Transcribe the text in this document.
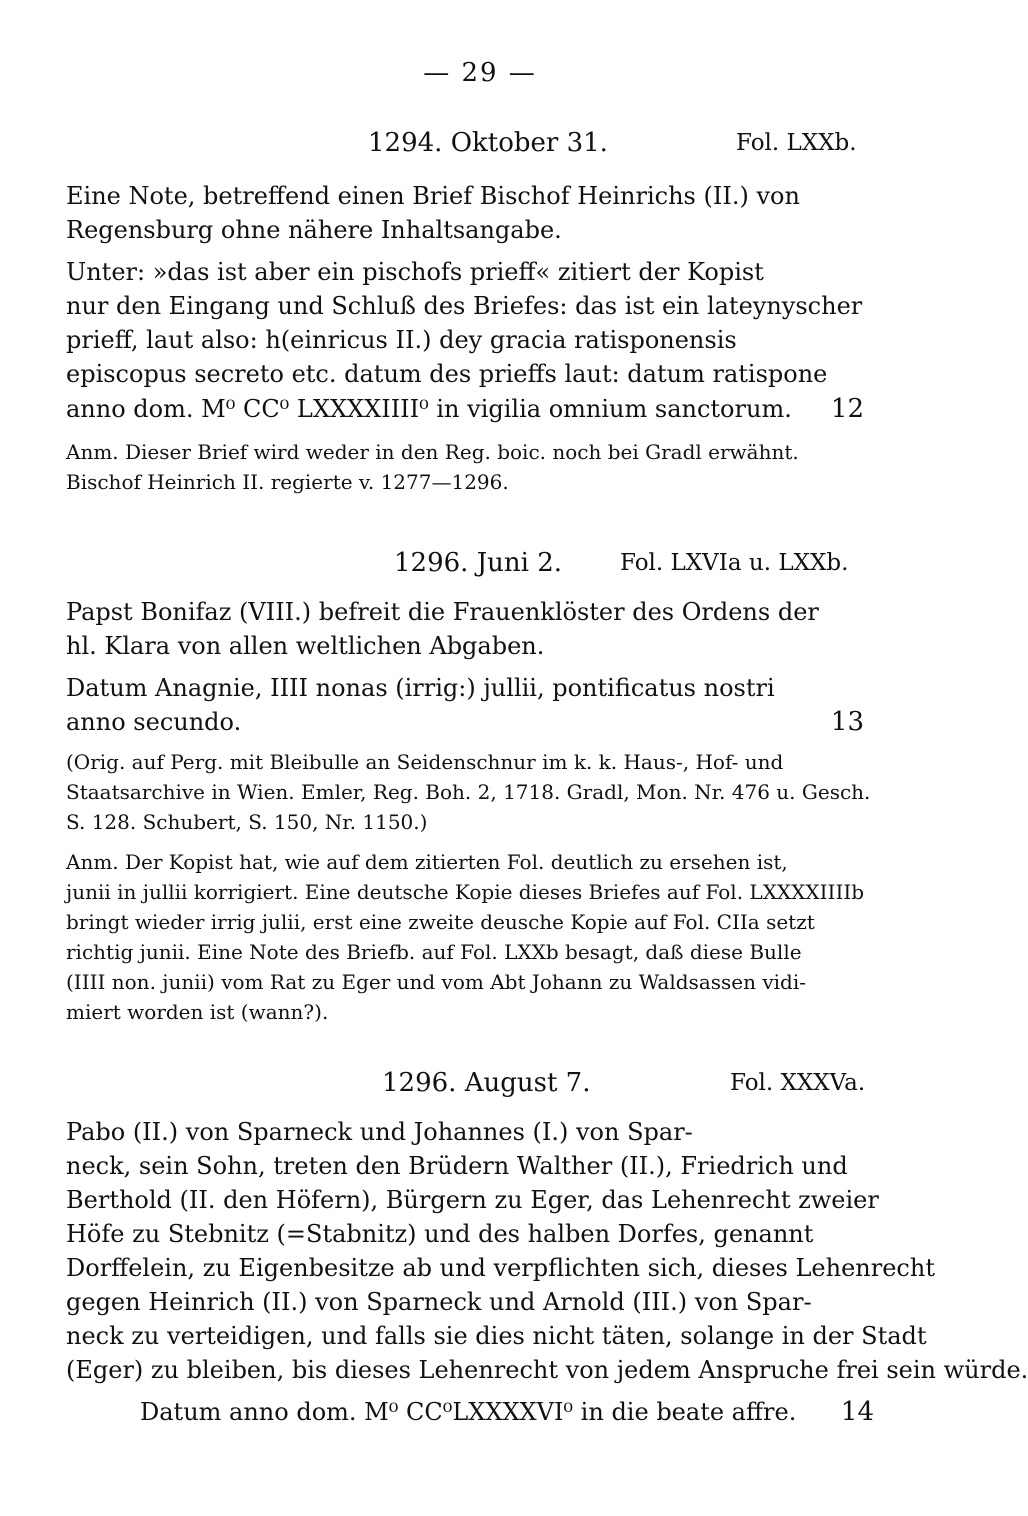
— 29 —
1294. Oktober 31.	Fol. LXXb.
Eine Note, betreffend einen Brief Bischof Heinrichs (II.) von
Regensburg ohne nähere Inhaltsangabe.
Unter: »das ist aber ein pischofs prieff« zitiert der Kopist
nur den Eingang und Schluß des Briefes: das ist ein lateynyscher
prieff, laut also: h(einricus II.) dey gracia ratisponensis
episcopus secreto etc. datum des prieffs laut: datum ratispone
anno dom. M⁰ CC⁰ LXXXXIIII⁰ in vigilia omnium sanctorum. 12
Anm. Dieser Brief wird weder in den Reg. boic. noch bei Gradl erwähnt.
Bischof Heinrich II. regierte v. 1277—1296.
1296. Juni 2.	Fol. LXVIa u. LXXb.
Papst Bonifaz (VIII.) befreit die Frauenklöster des Ordens der
hl. Klara von allen weltlichen Abgaben.
Datum Anagnie, IIII nonas (irrig:) jullii, pontificatus nostri
anno secundo.	13
(Orig. auf Perg. mit Bleibulle an Seidenschnur im k. k. Haus-, Hof- und
Staatsarchive in Wien. Emler, Reg. Boh. 2, 1718. Gradl, Mon. Nr. 476 u. Gesch.
S. 128. Schubert, S. 150, Nr. 1150.)
Anm. Der Kopist hat, wie auf dem zitierten Fol. deutlich zu ersehen ist,
junii in jullii korrigiert. Eine deutsche Kopie dieses Briefes auf Fol. LXXXXIIIIb
bringt wieder irrig julii, erst eine zweite deusche Kopie auf Fol. CIIa setzt
richtig junii. Eine Note des Briefb. auf Fol. LXXb besagt, daß diese Bulle
(IIII non. junii) vom Rat zu Eger und vom Abt Johann zu Waldsassen vidi-
miert worden ist (wann?).
1296. August 7.	Fol. XXXVa.
Pabo (II.) von Sparneck und Johannes (I.) von Spar-
neck, sein Sohn, treten den Brüdern Walther (II.), Friedrich und
Berthold (II. den Höfern), Bürgern zu Eger, das Lehenrecht zweier
Höfe zu Stebnitz (=Stabnitz) und des halben Dorfes, genannt
Dorffelein, zu Eigenbesitze ab und verpflichten sich, dieses Lehenrecht
gegen Heinrich (II.) von Sparneck und Arnold (III.) von Spar-
neck zu verteidigen, und falls sie dies nicht täten, solange in der Stadt
(Eger) zu bleiben, bis dieses Lehenrecht von jedem Anspruche frei sein würde.
Datum anno dom. M⁰ CC⁰LXXXXVI⁰ in die beate affre. 14
